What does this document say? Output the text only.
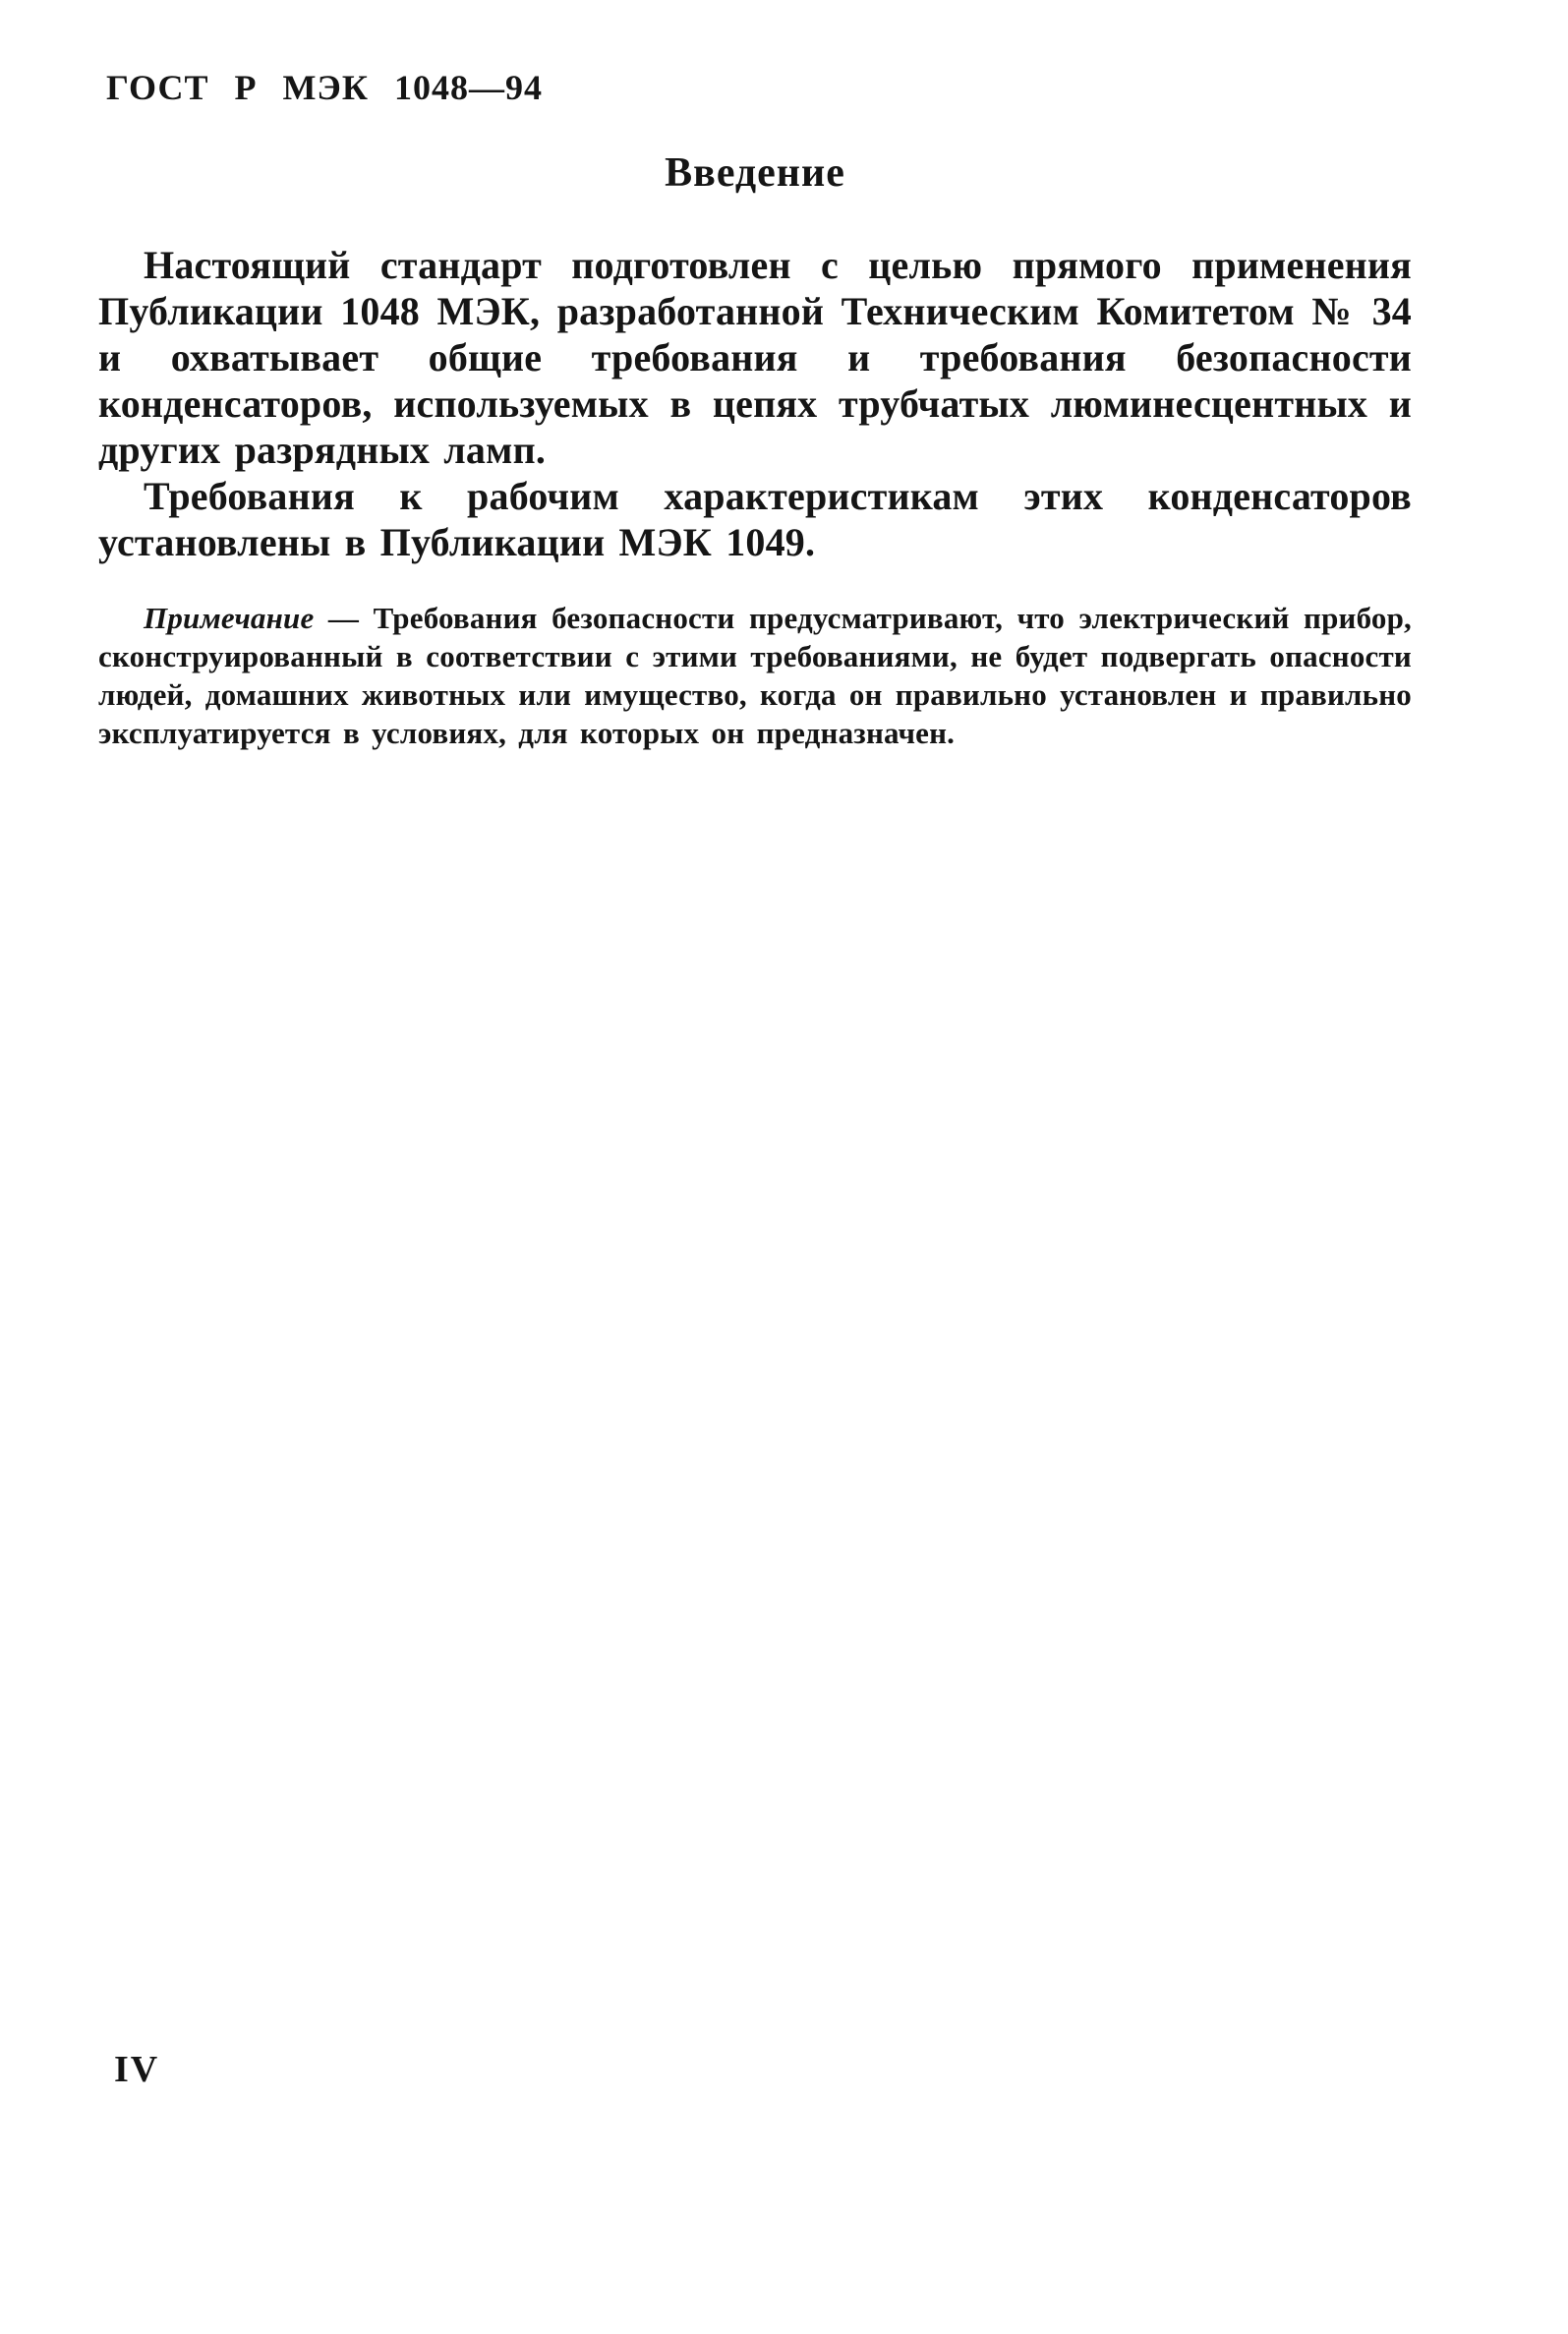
ГОСТ Р МЭК 1048—94
Введение

Настоящий стандарт подготовлен с целью прямого применения Публикации 1048 МЭК, разработанной Техническим Комитетом № 34 и охватывает общие требования и требования безопасности конденсаторов, используемых в цепях трубчатых люминесцентных и других разрядных ламп.

Требования к рабочим характеристикам этих конденсаторов установлены в Публикации МЭК 1049.

Примечание — Требования безопасности предусматривают, что электрический прибор, сконструированный в соответствии с этими требованиями, не будет подвергать опасности людей, домашних животных или имущество, когда он правильно установлен и правильно эксплуатируется в условиях, для которых он предназначен.

IV
